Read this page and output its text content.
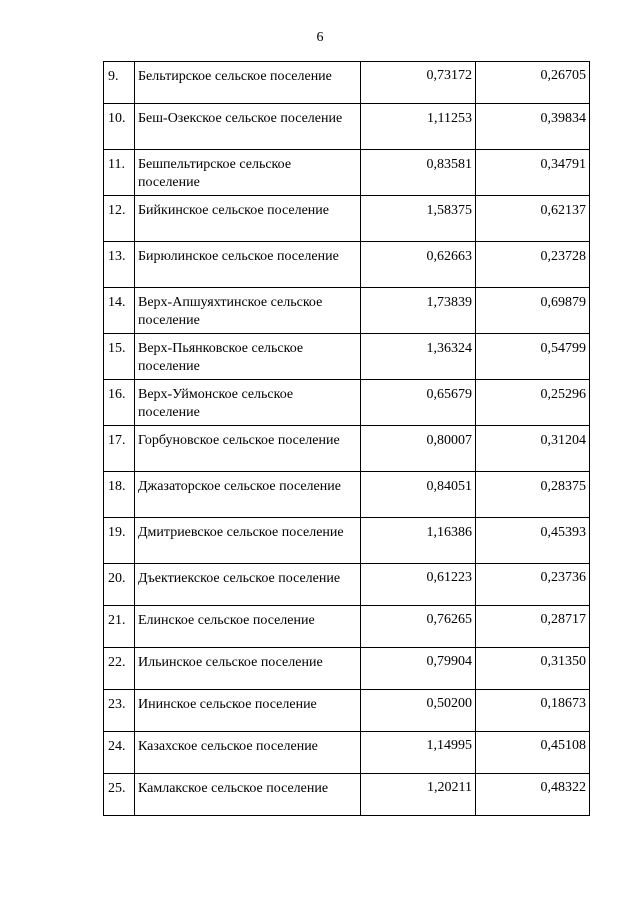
6
9.	Бельтирское сельское поселение	0,73172	0,26705
10.	Беш-Озекское сельское поселение	1,11253	0,39834
11.	Бешпельтирское сельское поселение	0,83581	0,34791
12.	Бийкинское сельское поселение	1,58375	0,62137
13.	Бирюлинское сельское поселение	0,62663	0,23728
14.	Верх-Апшуяхтинское сельское поселение	1,73839	0,69879
15.	Верх-Пьянковское сельское поселение	1,36324	0,54799
16.	Верх-Уймонское сельское поселение	0,65679	0,25296
17.	Горбуновское сельское поселение	0,80007	0,31204
18.	Джазаторское сельское поселение	0,84051	0,28375
19.	Дмитриевское сельское поселение	1,16386	0,45393
20.	Дъектиекское сельское поселение	0,61223	0,23736
21.	Елинское сельское поселение	0,76265	0,28717
22.	Ильинское сельское поселение	0,79904	0,31350
23.	Ининское сельское поселение	0,50200	0,18673
24.	Казахское сельское поселение	1,14995	0,45108
25.	Камлакское сельское поселение	1,20211	0,48322
